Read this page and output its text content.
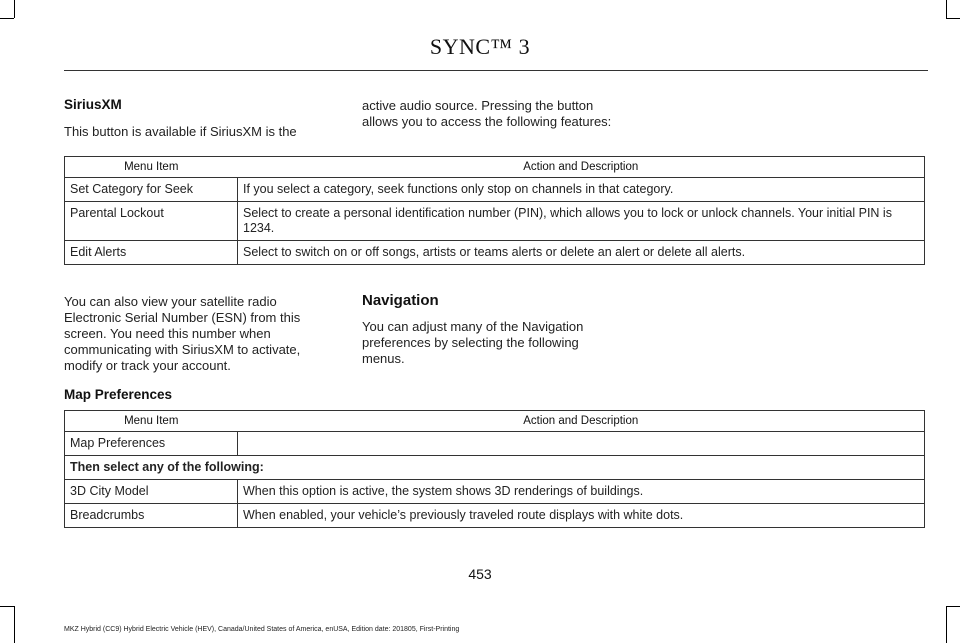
SYNC™ 3
SiriusXM
This button is available if SiriusXM is the
active audio source. Pressing the button
allows you to access the following features:
Menu Item	Action and Description
Set Category for Seek	If you select a category, seek functions only stop on channels in that category.
Parental Lockout	Select to create a personal identification number (PIN), which allows you to lock or unlock channels. Your initial PIN is 1234.
Edit Alerts	Select to switch on or off songs, artists or teams alerts or delete an alert or delete all alerts.
You can also view your satellite radio
Electronic Serial Number (ESN) from this
screen. You need this number when
communicating with SiriusXM to activate,
modify or track your account.
Navigation
You can adjust many of the Navigation
preferences by selecting the following
menus.
Map Preferences
Menu Item	Action and Description
Map Preferences	
Then select any of the following:	
3D City Model	When this option is active, the system shows 3D renderings of buildings.
Breadcrumbs	When enabled, your vehicle’s previously traveled route displays with white dots.
453
MKZ Hybrid (CC9) Hybrid Electric Vehicle (HEV), Canada/United States of America, enUSA, Edition date: 201805, First-Printing
